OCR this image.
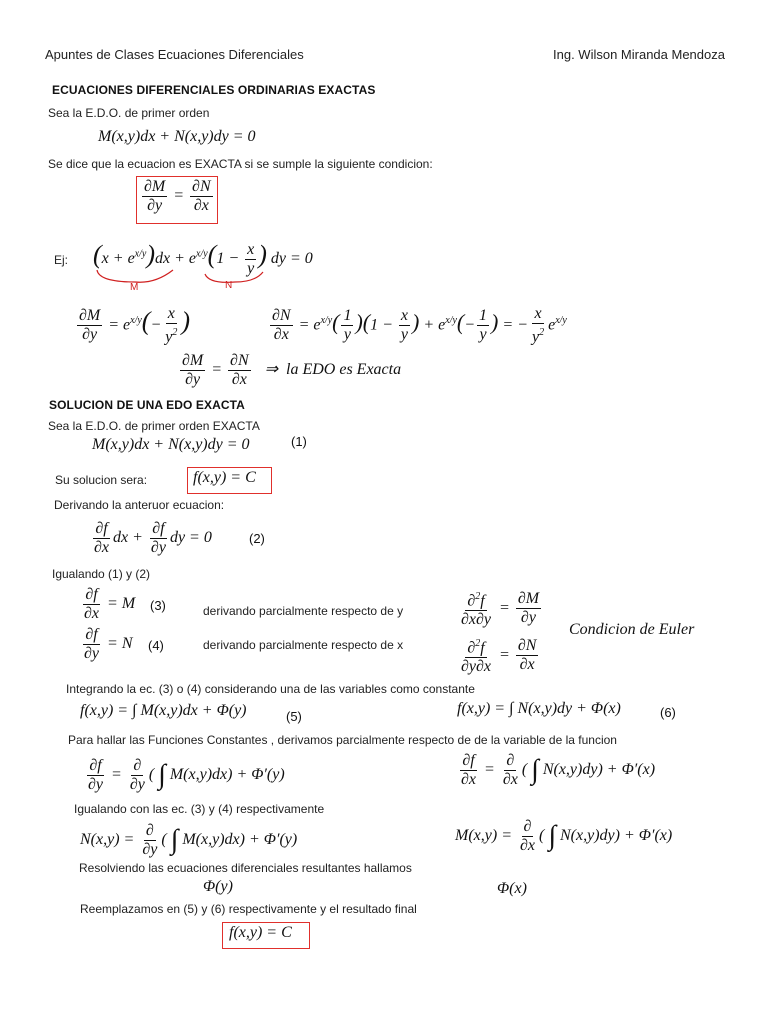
Apuntes de Clases Ecuaciones Diferenciales	Ing. Wilson Miranda Mendoza
ECUACIONES DIFERENCIALES ORDINARIAS EXACTAS
Sea la E.D.O. de primer orden
M(x,y)dx + N(x,y)dy = 0
Se dice que la ecuacion es EXACTA si se sumple la siguiente condicion:
$\frac{\partial M}{\partial y} = \frac{\partial N}{\partial x}$
Ej: $(x + e^{x/y})dx + e^{x/y}(1 - \frac{x}{y}$ ) dy = 0
M	N
$\frac{\partial M}{\partial y} = e^{x/y}(- \frac{x}{y^2}$ )	$\frac{\partial N}{\partial x} = e^{x/y}( \frac{1}{y} )(1 - \frac{x}{y}$ ) + $e^{x/y}(- \frac{1}{y}$ ) = − $\frac{x}{y^2} e^{x/y}$
$\frac{\partial M}{\partial y} = \frac{\partial N}{\partial x}$ ⇒ la EDO es Exacta
SOLUCION DE UNA EDO EXACTA
Sea la E.D.O. de primer orden EXACTA
M(x,y)dx + N(x,y)dy = 0	(1)
Su solucion sera:	f(x,y) = C
Derivando la anteruor ecuacion:
$\frac{\partial f}{\partial x}$ dx + $\frac{\partial f}{\partial y}$ dy = 0	(2)
Igualando (1) y (2)
$\frac{\partial f}{\partial x} = M$ (3)	derivando parcialmente respecto de y
$\frac{\partial f}{\partial y} = N$ (4)	derivando parcialmente respecto de x
$\frac{\partial^2f}{\partial x\partial y} = \frac{\partial M}{\partial y}$
$\frac{\partial^2f}{\partial y\partial x} = \frac{\partial N}{\partial x}$
Condicion de Euler
Integrando la ec. (3) o (4) considerando una de las variables como constante
f(x,y) = ∫ M(x,y)dx + Φ(y)	(5)	f(x,y) = ∫ N(x,y)dy + Φ(x)	(6)
Para hallar las Funciones Constantes , derivamos parcialmente respecto de de la variable de la funcion
$\frac{\partial f}{\partial y} = \frac{\partial}{\partial y}$ ( ∫ M(x,y)dx) + Φ′(y)	$\frac{\partial f}{\partial x} = \frac{\partial}{\partial x}$ ( ∫ N(x,y)dy) + Φ′(x)
Igualando con las ec. (3) y (4) respectivamente
$N(x,y) = \frac{\partial}{\partial y}$ ( ∫ M(x,y)dx) + Φ′(y)	$M(x,y) = \frac{\partial}{\partial x}$ ( ∫ N(x,y)dy) + Φ′(x)
Resolviendo las ecuaciones diferenciales resultantes hallamos
Φ(y)	Φ(x)
Reemplazamos en (5) y (6) respectivamente y el resultado final
f(x,y) = C
